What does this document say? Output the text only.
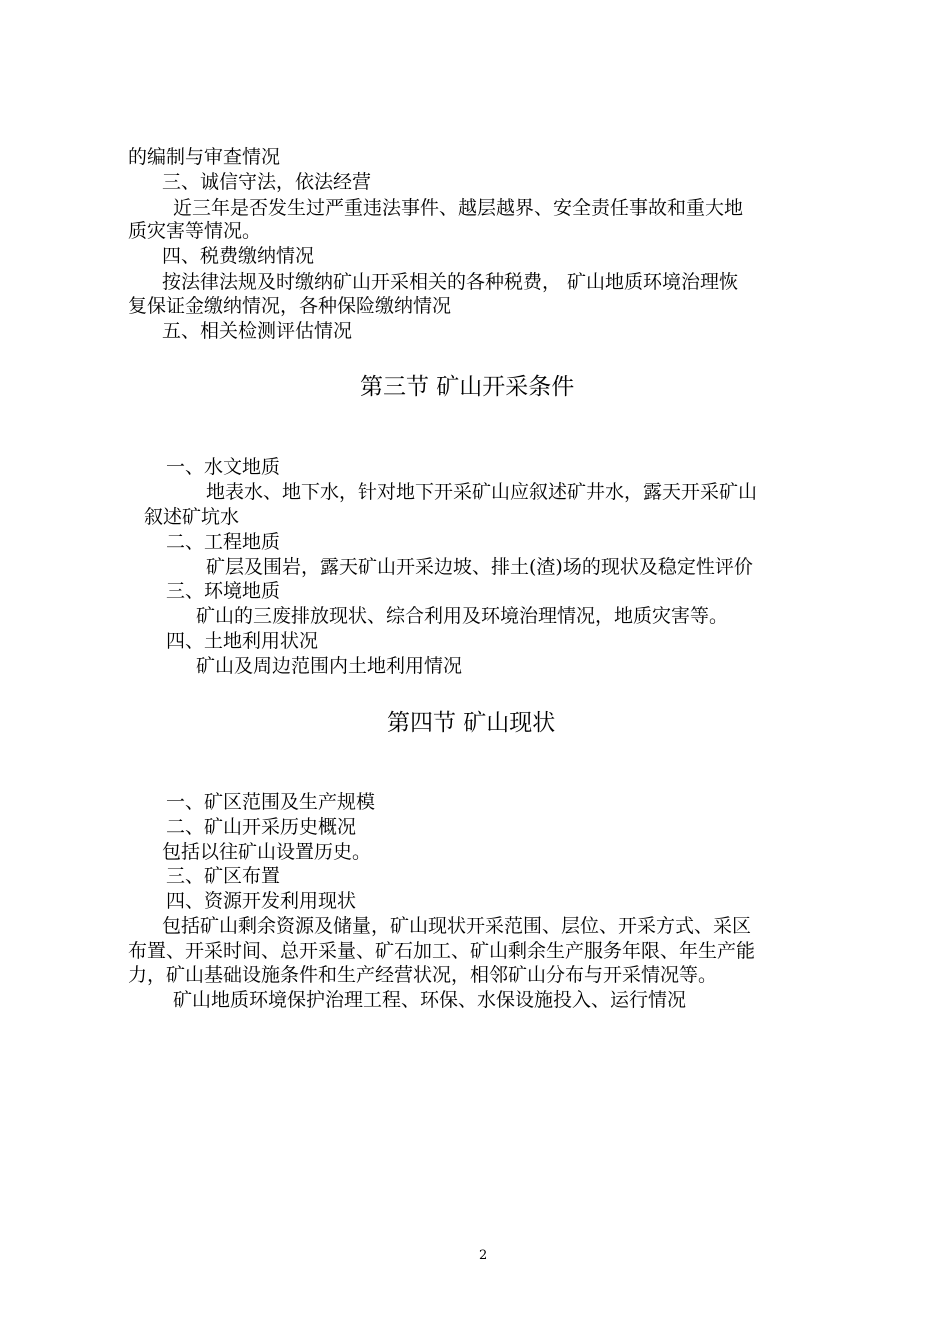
的编制与审查情况
三、诚信守法，依法经营
近三年是否发生过严重违法事件、越层越界、安全责任事故和重大地
质灾害等情况。
四、税费缴纳情况
按法律法规及时缴纳矿山开采相关的各种税费， 矿山地质环境治理恢
复保证金缴纳情况，各种保险缴纳情况
五、相关检测评估情况
第三节 矿山开采条件
一、水文地质
地表水、地下水，针对地下开采矿山应叙述矿井水，露天开采矿山
叙述矿坑水
二、工程地质
矿层及围岩，露天矿山开采边坡、排土(渣)场的现状及稳定性评价
三、环境地质
矿山的三废排放现状、综合利用及环境治理情况，地质灾害等。
四、土地利用状况
矿山及周边范围内土地利用情况
第四节 矿山现状
一、矿区范围及生产规模
二、矿山开采历史概况
包括以往矿山设置历史。
三、矿区布置
四、资源开发利用现状
包括矿山剩余资源及储量，矿山现状开采范围、层位、开采方式、采区
布置、开采时间、总开采量、矿石加工、矿山剩余生产服务年限、年生产能
力，矿山基础设施条件和生产经营状况，相邻矿山分布与开采情况等。
矿山地质环境保护治理工程、环保、水保设施投入、运行情况
2
